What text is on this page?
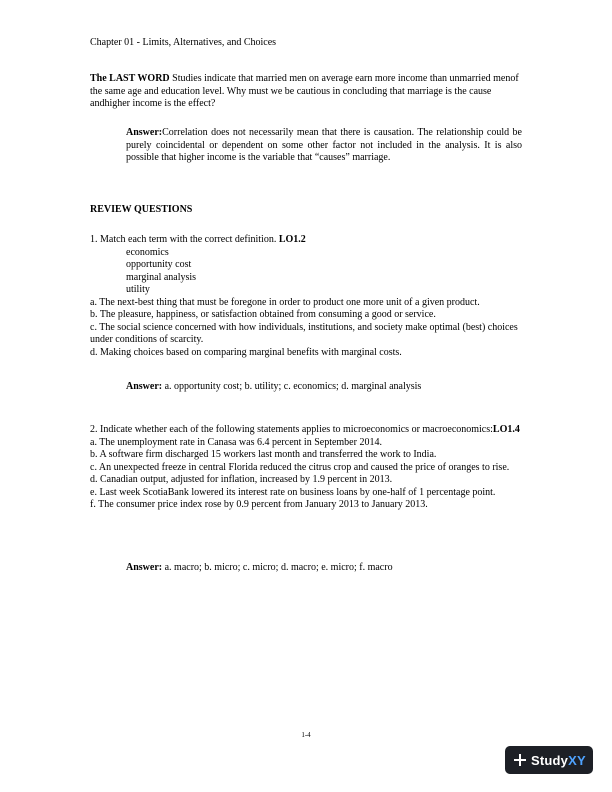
Chapter 01 - Limits, Alternatives, and Choices
The LAST WORD Studies indicate that married men on average earn more income than unmarried menof the same age and education level. Why must we be cautious in concluding that marriage is the cause andhigher income is the effect?
Answer:Correlation does not necessarily mean that there is causation. The relationship could be purely coincidental or dependent on some other factor not included in the analysis. It is also possible that higher income is the variable that “causes” marriage.
REVIEW QUESTIONS
1. Match each term with the correct definition. LO1.2
economics
opportunity cost
marginal analysis
utility
a. The next-best thing that must be foregone in order to product one more unit of a given product.
b. The pleasure, happiness, or satisfaction obtained from consuming a good or service.
c. The social science concerned with how individuals, institutions, and society make optimal (best) choices under conditions of scarcity.
d. Making choices based on comparing marginal benefits with marginal costs.
Answer: a. opportunity cost; b. utility; c. economics; d. marginal analysis
2. Indicate whether each of the following statements applies to microeconomics or macroeconomics:LO1.4
a. The unemployment rate in Canasa was 6.4 percent in September 2014.
b. A software firm discharged 15 workers last month and transferred the work to India.
c. An unexpected freeze in central Florida reduced the citrus crop and caused the price of oranges to rise.
d. Canadian output, adjusted for inflation, increased by 1.9 percent in 2013.
e. Last week ScotiaBank lowered its interest rate on business loans by one-half of 1 percentage point.
f. The consumer price index rose by 0.9 percent from January 2013 to January 2013.
Answer: a. macro; b. micro; c. micro; d. macro; e. micro; f. macro
1-4
StudyXY
